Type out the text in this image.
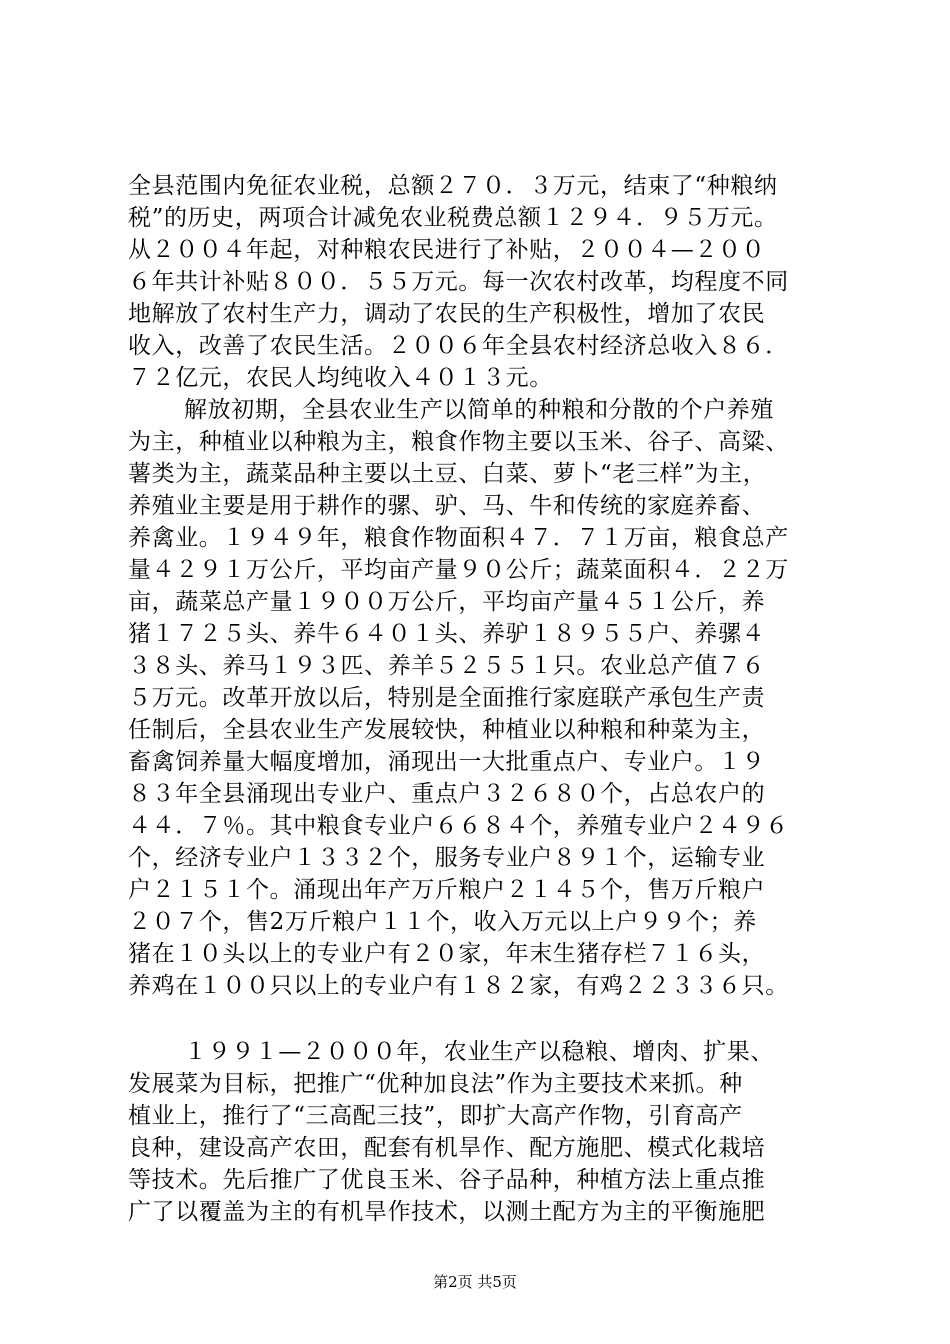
全县范围内免征农业税，总额２７０．３万元，结束了“种粮纳
税”的历史，两项合计减免农业税费总额１２９４．９５万元。
从２００４年起，对种粮农民进行了补贴，２００４—２００
６年共计补贴８００．５５万元。每一次农村改革，均程度不同
地解放了农村生产力，调动了农民的生产积极性，增加了农民
收入，改善了农民生活。２００６年全县农村经济总收入８６．
７２亿元，农民人均纯收入４０１３元。
解放初期，全县农业生产以简单的种粮和分散的个户养殖
为主，种植业以种粮为主，粮食作物主要以玉米、谷子、高粱、
薯类为主，蔬菜品种主要以土豆、白菜、萝卜“老三样”为主，
养殖业主要是用于耕作的骡、驴、马、牛和传统的家庭养畜、
养禽业。１９４９年，粮食作物面积４７．７１万亩，粮食总产
量４２９１万公斤，平均亩产量９０公斤；蔬菜面积４．２２万
亩，蔬菜总产量１９００万公斤，平均亩产量４５１公斤，养
猪１７２５头、养牛６４０１头、养驴１８９５５户、养骡４
３８头、养马１９３匹、养羊５２５５１只。农业总产值７６
５万元。改革开放以后，特别是全面推行家庭联产承包生产责
任制后，全县农业生产发展较快，种植业以种粮和种菜为主，
畜禽饲养量大幅度增加，涌现出一大批重点户、专业户。１９
８３年全县涌现出专业户、重点户３２６８０个，占总农户的
４４．７％。其中粮食专业户６６８４个，养殖专业户２４９６
个，经济专业户１３３２个，服务专业户８９１个，运输专业
户２１５１个。涌现出年产万斤粮户２１４５个，售万斤粮户
２０７个，售2万斤粮户１１个，收入万元以上户９９个；养
猪在１０头以上的专业户有２０家，年末生猪存栏７１６头，
养鸡在１００只以上的专业户有１８２家，有鸡２２３３６只。
１９９１—２０００年，农业生产以稳粮、增肉、扩果、
发展菜为目标，把推广“优种加良法”作为主要技术来抓。种
植业上，推行了“三高配三技”，即扩大高产作物，引育高产
良种，建设高产农田，配套有机旱作、配方施肥、模式化栽培
等技术。先后推广了优良玉米、谷子品种，种植方法上重点推
广了以覆盖为主的有机旱作技术，以测土配方为主的平衡施肥
第2页 共5页
